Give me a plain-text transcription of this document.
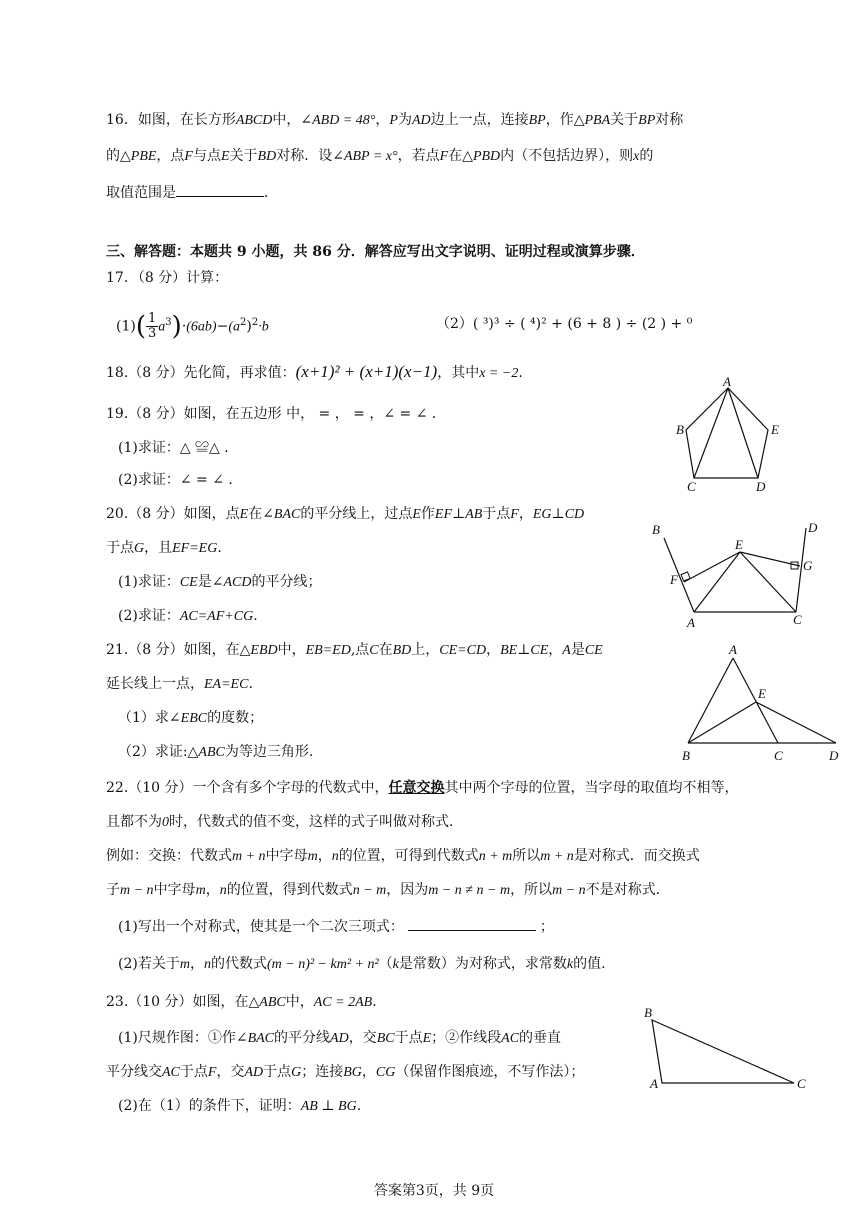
16．如图，在长方形ABCD中，∠ABD = 48°，P为AD边上一点，连接BP，作△PBA关于BP对称
的△PBE，点F与点E关于BD对称．设∠ABP = x°，若点F在△PBD内（不包括边界），则x的
取值范围是	．
三、解答题：本题共 9 小题，共 86 分．解答应写出文字说明、证明过程或演算步骤．
17．（8 分）计算：
$(1)( \frac{1}{3} a^3)\cdot(6ab)-(a^2)^2\cdot b$	（2）( ³)³ ÷ ( ⁴)² + (6 + 8 ) ÷ (2 ) + ⁰
18.（8 分）先化简，再求值：(x+1)² + (x+1)(x−1)，其中x = −2.
19.（8 分）如图，在五边形 中， = ， = ，∠ = ∠ ．
(1)求证：△ ≌△ ．
(2)求证：∠ = ∠ ．
A
B	E
C	D
B	D
E
F
G
A	C
A
E
B	C	D
B
A	C
20.（8 分）如图，点E在∠BAC的平分线上，过点E作EF⊥AB于点F，EG⊥CD
于点G，且EF=EG.
(1)求证：CE是∠ACD的平分线；
(2)求证：AC=AF+CG.
21.（8 分）如图，在△EBD中，EB=ED,点C在BD上，CE=CD，BE⊥CE，A是CE
延长线上一点，EA=EC.
（1）求∠EBC的度数；
（2）求证:△ABC为等边三角形.
22.（10 分）一个含有多个字母的代数式中，任意交换其中两个字母的位置，当字母的取值均不相等，
且都不为0时，代数式的值不变，这样的式子叫做对称式．
例如：交换：代数式m + n中字母m，n的位置，可得到代数式n + m所以m + n是对称式．而交换式
子m − n中字母m，n的位置，得到代数式n − m，因为m − n ≠ n − m，所以m − n不是对称式．
(1)写出一个对称式，使其是一个二次三项式：	；
(2)若关于m，n的代数式(m − n)² − km² + n²（k是常数）为对称式，求常数k的值.
23.（10 分）如图，在△ABC中，AC = 2AB．
(1)尺规作图：①作∠BAC的平分线AD，交BC于点E；②作线段AC的垂直
平分线交AC于点F，交AD于点G；连接BG，CG（保留作图痕迹，不写作法）；
(2)在（1）的条件下，证明：AB ⊥ BG.
答案第3页，共 9页
